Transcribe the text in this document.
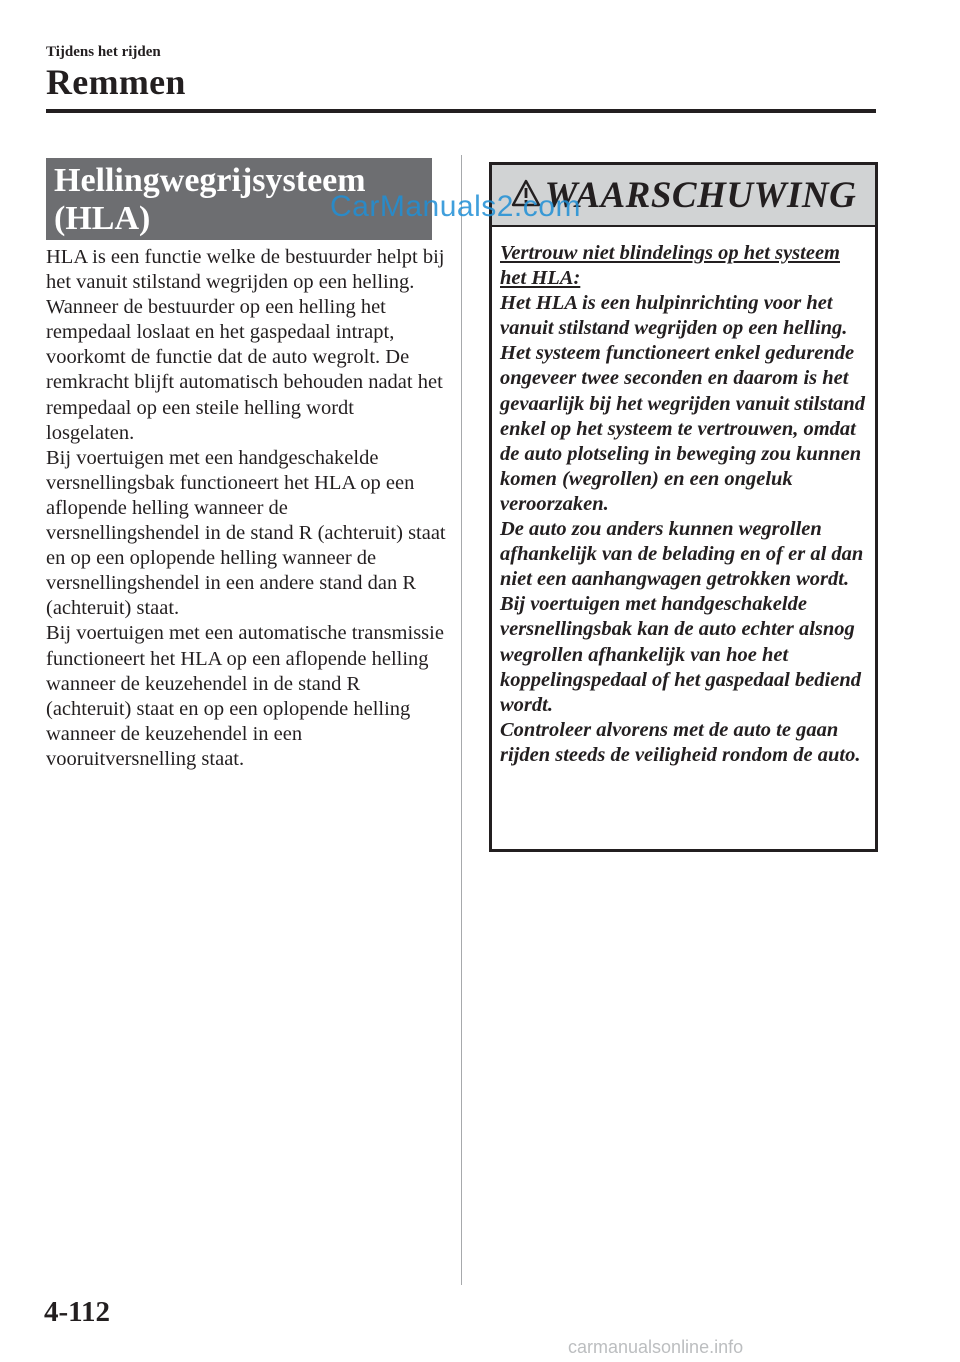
Tijdens het rijden
Remmen
Hellingwegrijsysteem
(HLA)

HLA is een functie welke de bestuurder helpt bij het vanuit stilstand wegrijden op een helling. Wanneer de bestuurder op een helling het rempedaal loslaat en het gaspedaal intrapt, voorkomt de functie dat de auto wegrolt. De remkracht blijft automatisch behouden nadat het rempedaal op een steile helling wordt losgelaten.

Bij voertuigen met een handgeschakelde versnellingsbak functioneert het HLA op een aflopende helling wanneer de versnellingshendel in de stand R (achteruit) staat en op een oplopende helling wanneer de versnellingshendel in een andere stand dan R (achteruit) staat.

Bij voertuigen met een automatische transmissie functioneert het HLA op een aflopende helling wanneer de keuzehendel in de stand R (achteruit) staat en op een oplopende helling wanneer de keuzehendel in een vooruitversnelling staat.

WAARSCHUWING

Vertrouw niet blindelings op het systeem het HLA:

Het HLA is een hulpinrichting voor het vanuit stilstand wegrijden op een helling. Het systeem functioneert enkel gedurende ongeveer twee seconden en daarom is het gevaarlijk bij het wegrijden vanuit stilstand enkel op het systeem te vertrouwen, omdat de auto plotseling in beweging zou kunnen komen (wegrollen) en een ongeluk veroorzaken.

De auto zou anders kunnen wegrollen afhankelijk van de belading en of er al dan niet een aanhangwagen getrokken wordt. Bij voertuigen met handgeschakelde versnellingsbak kan de auto echter alsnog wegrollen afhankelijk van hoe het koppelingspedaal of het gaspedaal bediend wordt.

Controleer alvorens met de auto te gaan rijden steeds de veiligheid rondom de auto.

CarManuals2.com
4-112
carmanualsonline.info
